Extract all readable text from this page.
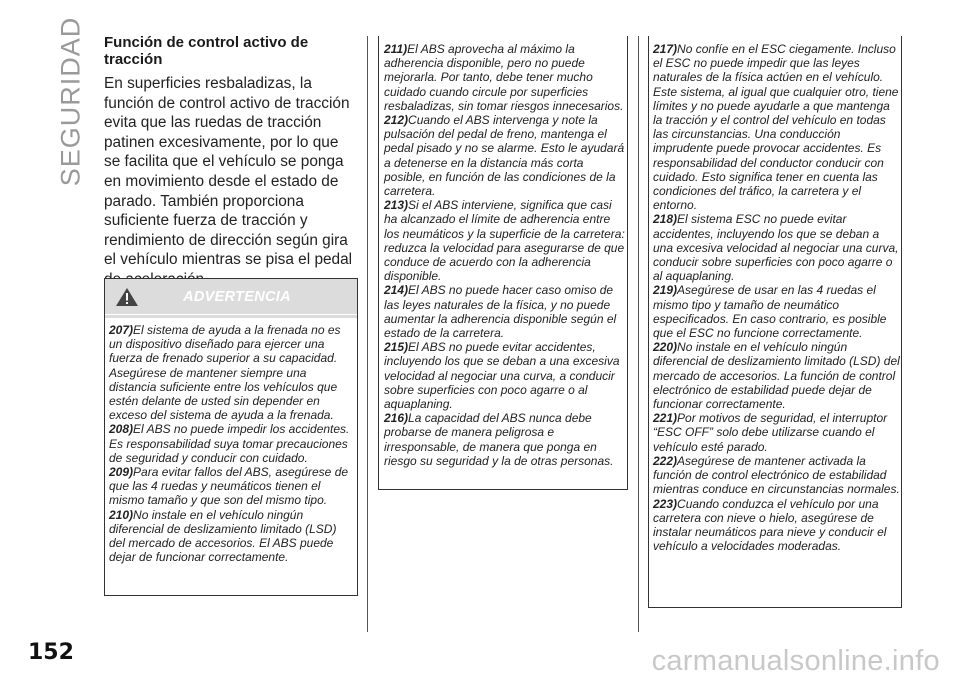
SEGURIDAD Función de control activo de tracción

En superficies resbaladizas, la función de control activo de tracción evita que las ruedas de tracción patinen excesivamente, por lo que se facilita que el vehículo se ponga en movimiento desde el estado de parado. También proporciona suficiente fuerza de tracción y rendimiento de dirección según gira el vehículo mientras se pisa el pedal

ADVERTENCIA

207)El sistema de ayuda a la frenada no es un dispositivo diseñado para ejercer una fuerza de frenado superior a su capacidad. Asegúrese de mantener siempre una distancia suficiente entre los vehículos que estén delante de usted sin depender en exceso del sistema de ayuda a la frenada.

208)El ABS no puede impedir los accidentes. Es responsabilidad suya tomar precauciones de seguridad y conducir con cuidado.

209)Para evitar fallos del ABS, asegúrese de que las 4 ruedas y neumáticos tienen el mismo tamaño y que son del mismo tipo.

210)No instale en el vehículo ningún diferencial de deslizamiento limitado (LSD) del mercado de accesorios. El ABS puede dejar de funcionar correctamente.

211)El ABS aprovecha al máximo la adherencia disponible, pero no puede mejorarla. Por tanto, debe tener mucho cuidado cuando circule por superficies resbaladizas, sin tomar riesgos innecesarios.

212)Cuando el ABS intervenga y note la pulsación del pedal de freno, mantenga el pedal pisado y no se alarme. Esto le ayudará a detenerse en la distancia más corta posible, en función de las condiciones de la carretera.

213)Si el ABS interviene, significa que casi ha alcanzado el límite de adherencia entre los neumáticos y la superficie de la carretera: reduzca la velocidad para asegurarse de que conduce de acuerdo con la adherencia disponible.

214)El ABS no puede hacer caso omiso de las leyes naturales de la física, y no puede aumentar la adherencia disponible según el estado de la carretera.

215)El ABS no puede evitar accidentes, incluyendo los que se deban a una excesiva velocidad al negociar una curva, a conducir sobre superficies con poco agarre o al aquaplaning.

216)La capacidad del ABS nunca debe probarse de manera peligrosa e irresponsable, de manera que ponga en riesgo su seguridad y la de otras personas.

217)No confíe en el ESC ciegamente. Incluso el ESC no puede impedir que las leyes naturales de la física actúen en el vehículo. Este sistema, al igual que cualquier otro, tiene límites y no puede ayudarle a que mantenga la tracción y el control del vehículo en todas las circunstancias. Una conducción imprudente puede provocar accidentes. Es responsabilidad del conductor conducir con cuidado. Esto significa tener en cuenta las condiciones del tráfico, la carretera y el entorno.

218)El sistema ESC no puede evitar accidentes, incluyendo los que se deban a una excesiva velocidad al negociar una curva, conducir sobre superficies con poco agarre o al aquaplaning.

219)Asegúrese de usar en las 4 ruedas el mismo tipo y tamaño de neumático especificados. En caso contrario, es posible que el ESC no funcione correctamente.

220)No instale en el vehículo ningún diferencial de deslizamiento limitado (LSD) del mercado de accesorios. La función de control electrónico de estabilidad puede dejar de funcionar correctamente.

221)Por motivos de seguridad, el interruptor “ESC OFF” solo debe utilizarse cuando el vehículo esté parado.

222)Asegúrese de mantener activada la función de control electrónico de estabilidad mientras conduce en circunstancias normales.

223)Cuando conduzca el vehículo por una carretera con nieve o hielo, asegúrese de instalar neumáticos para nieve y conducir el vehículo a velocidades moderadas.

152	carmanualsonline.info
